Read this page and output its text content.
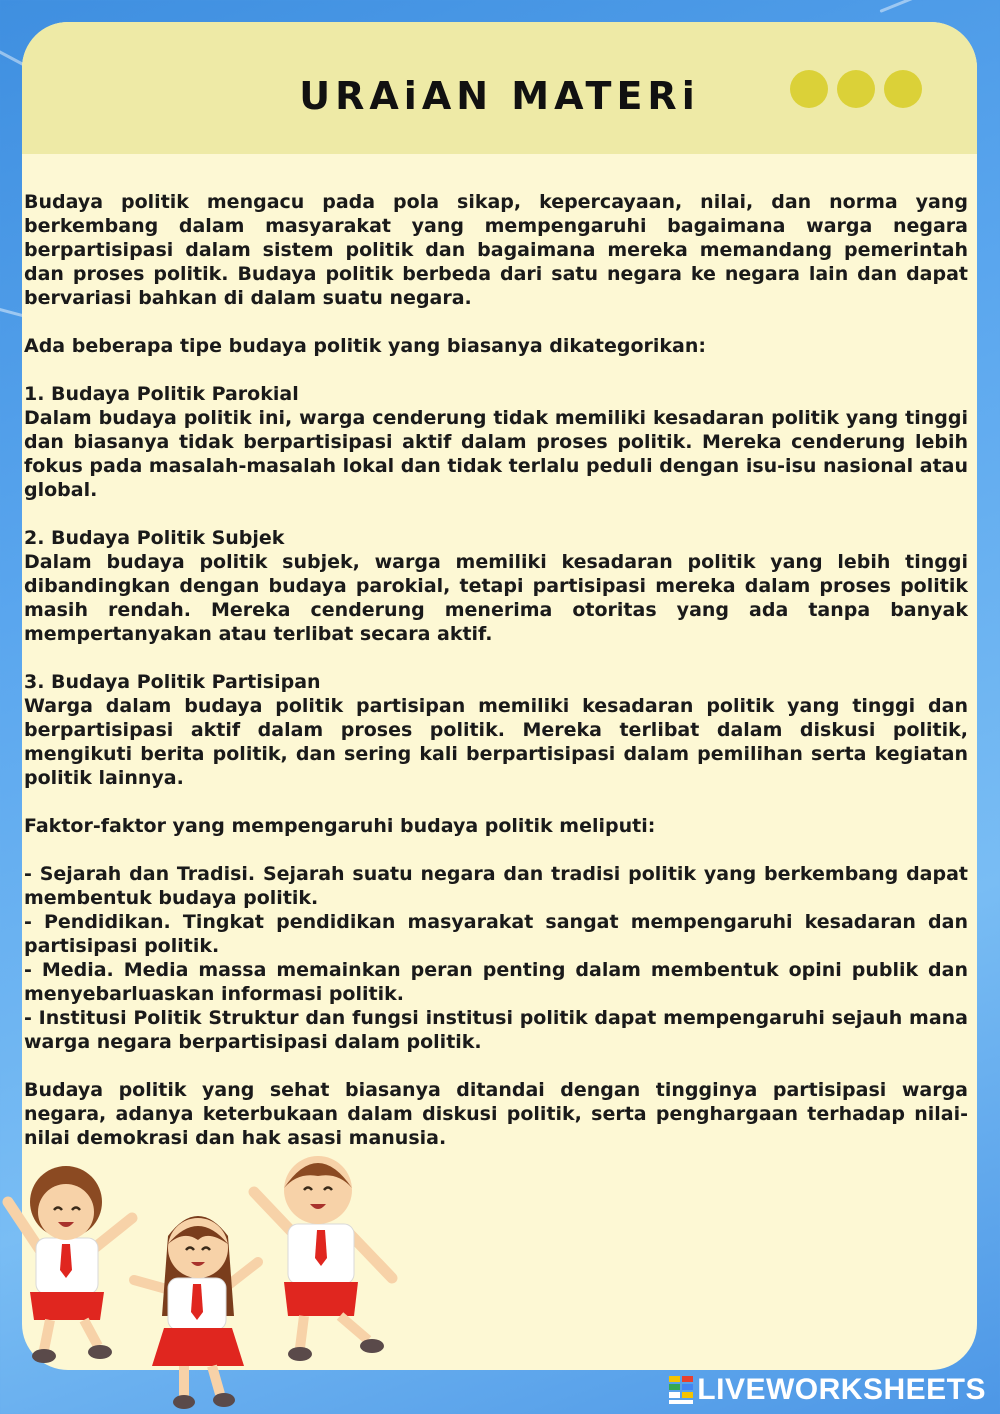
URAiAN MATERi
Budaya politik mengacu pada pola sikap, kepercayaan, nilai, dan norma yang berkembang dalam masyarakat yang mempengaruhi bagaimana warga negara berpartisipasi dalam sistem politik dan bagaimana mereka memandang pemerintah dan proses politik. Budaya politik berbeda dari satu negara ke negara lain dan dapat bervariasi bahkan di dalam suatu negara.
Ada beberapa tipe budaya politik yang biasanya dikategorikan:
1. Budaya Politik Parokial
Dalam budaya politik ini, warga cenderung tidak memiliki kesadaran politik yang tinggi dan biasanya tidak berpartisipasi aktif dalam proses politik. Mereka cenderung lebih fokus pada masalah-masalah lokal dan tidak terlalu peduli dengan isu-isu nasional atau global.
2. Budaya Politik Subjek
Dalam budaya politik subjek, warga memiliki kesadaran politik yang lebih tinggi dibandingkan dengan budaya parokial, tetapi partisipasi mereka dalam proses politik masih rendah. Mereka cenderung menerima otoritas yang ada tanpa banyak mempertanyakan atau terlibat secara aktif.
3. Budaya Politik Partisipan
Warga dalam budaya politik partisipan memiliki kesadaran politik yang tinggi dan berpartisipasi aktif dalam proses politik. Mereka terlibat dalam diskusi politik, mengikuti berita politik, dan sering kali berpartisipasi dalam pemilihan serta kegiatan politik lainnya.
Faktor-faktor yang mempengaruhi budaya politik meliputi:
- Sejarah dan Tradisi. Sejarah suatu negara dan tradisi politik yang berkembang dapat membentuk budaya politik.
- Pendidikan. Tingkat pendidikan masyarakat sangat mempengaruhi kesadaran dan partisipasi politik.
- Media. Media massa memainkan peran penting dalam membentuk opini publik dan menyebarluaskan informasi politik.
- Institusi Politik Struktur dan fungsi institusi politik dapat mempengaruhi sejauh mana warga negara berpartisipasi dalam politik.
Budaya politik yang sehat biasanya ditandai dengan tingginya partisipasi warga negara, adanya keterbukaan dalam diskusi politik, serta penghargaan terhadap nilai-nilai demokrasi dan hak asasi manusia.
LIVEWORKSHEETS
